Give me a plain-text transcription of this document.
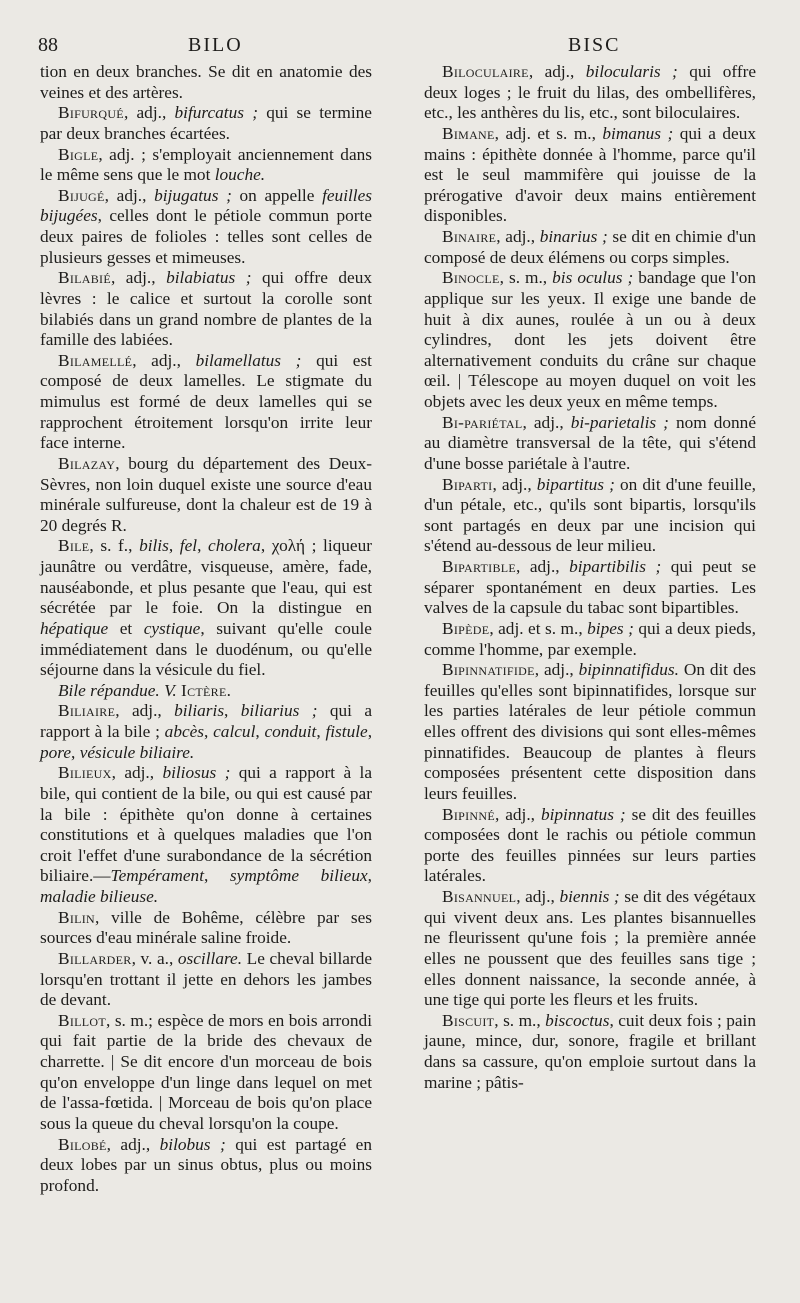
88	BILO	BISC

tion en deux branches. Se dit en anatomie des veines et des artères.

Bifurqué, adj., bifurcatus ; qui se termine par deux branches écartées.

Bigle, adj. ; s'employait anciennement dans le même sens que le mot louche.

Bijugé, adj., bijugatus ; on appelle feuilles bijugées, celles dont le pétiole commun porte deux paires de folioles : telles sont celles de plusieurs gesses et mimeuses.

Bilabié, adj., bilabiatus ; qui offre deux lèvres : le calice et surtout la corolle sont bilabiés dans un grand nombre de plantes de la famille des labiées.

Bilamellé, adj., bilamellatus ; qui est composé de deux lamelles. Le stigmate du mimulus est formé de deux lamelles qui se rapprochent étroitement lorsqu'on irrite leur face interne.

Bilazay, bourg du département des Deux-Sèvres, non loin duquel existe une source d'eau minérale sulfureuse, dont la chaleur est de 19 à 20 degrés R.

Bile, s. f., bilis, fel, cholera, χολή ; liqueur jaunâtre ou verdâtre, visqueuse, amère, fade, nauséabonde, et plus pesante que l'eau, qui est sécrétée par le foie. On la distingue en hépatique et cystique, suivant qu'elle coule immédiatement dans le duodénum, ou qu'elle séjourne dans la vésicule du fiel.

Bile répandue. V. Ictère.

Biliaire, adj., biliaris, biliarius ; qui a rapport à la bile ; abcès, calcul, conduit, fistule, pore, vésicule biliaire.

Bilieux, adj., biliosus ; qui a rapport à la bile, qui contient de la bile, ou qui est causé par la bile : épithète qu'on donne à certaines constitutions et à quelques maladies que l'on croit l'effet d'une surabondance de la sécrétion biliaire.—Tempérament, symptôme bilieux, maladie bilieuse.

Bilin, ville de Bohême, célèbre par ses sources d'eau minérale saline froide.

Billarder, v. a., oscillare. Le cheval billarde lorsqu'en trottant il jette en dehors les jambes de devant.

Billot, s. m.; espèce de mors en bois arrondi qui fait partie de la bride des chevaux de charrette. | Se dit encore d'un morceau de bois qu'on enveloppe d'un linge dans lequel on met de l'assa-fœtida. | Morceau de bois qu'on place sous la queue du cheval lorsqu'on la coupe.

Bilobé, adj., bilobus ; qui est partagé en deux lobes par un sinus obtus, plus ou moins profond.

Biloculaire, adj., bilocularis ; qui offre deux loges ; le fruit du lilas, des ombellifères, etc., les anthères du lis, etc., sont biloculaires.

Bimane, adj. et s. m., bimanus ; qui a deux mains : épithète donnée à l'homme, parce qu'il est le seul mammifère qui jouisse de la prérogative d'avoir deux mains entièrement disponibles.

Binaire, adj., binarius ; se dit en chimie d'un composé de deux élémens ou corps simples.

Binocle, s. m., bis oculus ; bandage que l'on applique sur les yeux. Il exige une bande de huit à dix aunes, roulée à un ou à deux cylindres, dont les jets doivent être alternativement conduits du crâne sur chaque œil. | Télescope au moyen duquel on voit les objets avec les deux yeux en même temps.

Bi-pariétal, adj., bi-parietalis ; nom donné au diamètre transversal de la tête, qui s'étend d'une bosse pariétale à l'autre.

Biparti, adj., bipartitus ; on dit d'une feuille, d'un pétale, etc., qu'ils sont bipartis, lorsqu'ils sont partagés en deux par une incision qui s'étend au-dessous de leur milieu.

Bipartible, adj., bipartibilis ; qui peut se séparer spontanément en deux parties. Les valves de la capsule du tabac sont bipartibles.

Bipède, adj. et s. m., bipes ; qui a deux pieds, comme l'homme, par exemple.

Bipinnatifide, adj., bipinnatifidus. On dit des feuilles qu'elles sont bipinnatifides, lorsque sur les parties latérales de leur pétiole commun elles offrent des divisions qui sont elles-mêmes pinnatifides. Beaucoup de plantes à fleurs composées présentent cette disposition dans leurs feuilles.

Bipinné, adj., bipinnatus ; se dit des feuilles composées dont le rachis ou pétiole commun porte des feuilles pinnées sur leurs parties latérales.

Bisannuel, adj., biennis ; se dit des végétaux qui vivent deux ans. Les plantes bisannuelles ne fleurissent qu'une fois ; la première année elles ne poussent que des feuilles sans tige ; elles donnent naissance, la seconde année, à une tige qui porte les fleurs et les fruits.

Biscuit, s. m., biscoctus, cuit deux fois ; pain jaune, mince, dur, sonore, fragile et brillant dans sa cassure, qu'on emploie surtout dans la marine ; pâtis-
